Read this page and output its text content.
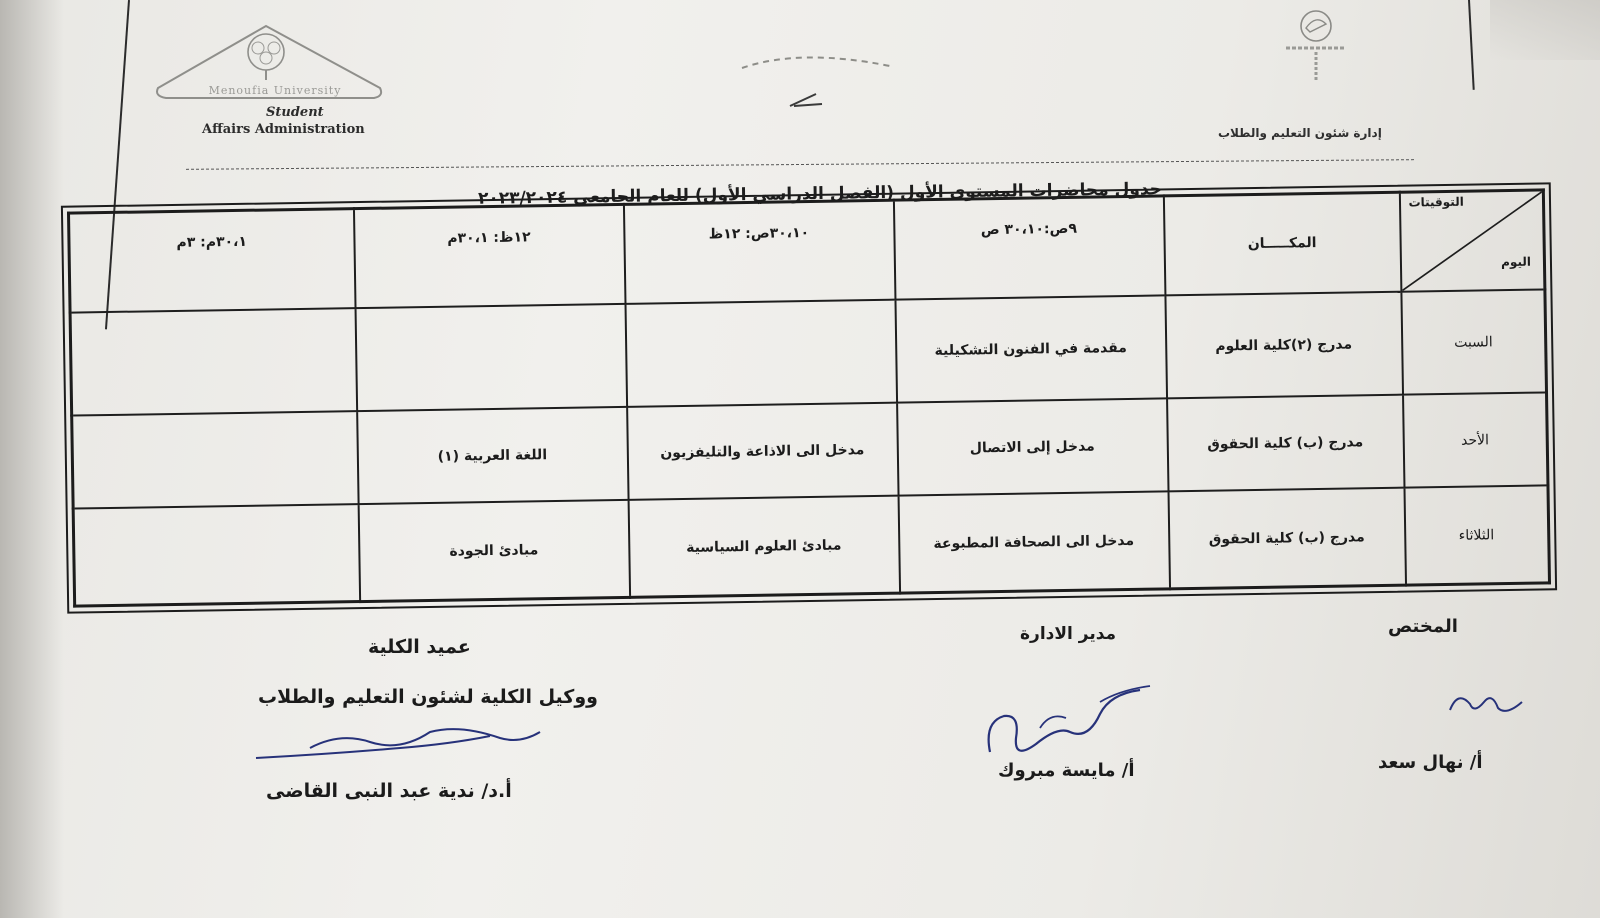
Menoufia University
Student
Affairs Administration	إدارة شئون التعليم والطلاب
جدول محاضرات المستوى الأول (الفصل الدراسي الأول) للعام الجامعي ٢٠٢٣/٢٠٢٤	التوقيتات
اليوم	المكـــــان	٩ص:٣٠،١٠ ص	٣٠،١٠ص: ١٢ظ	١٢ظ: ٣٠،١م	٣٠،١م: ٣م
السبت	مدرج (٢)كلية العلوم	مقدمة في الفنون التشكيلية			
الأحد	مدرج (ب) كلية الحقوق	مدخل إلى الاتصال	مدخل الى الاذاعة والتليفزيون	اللغة العربية (١)	
الثلاثاء	مدرج (ب) كلية الحقوق	مدخل الى الصحافة المطبوعة	مبادئ العلوم السياسية	مبادئ الجودة	
المختص
مدير الادارة
عميد الكلية
ووكيل الكلية لشئون التعليم والطلاب
أ/ نهال سعد
أ/ مايسة مبروك
أ.د/ ندية عبد النبى القاضى
